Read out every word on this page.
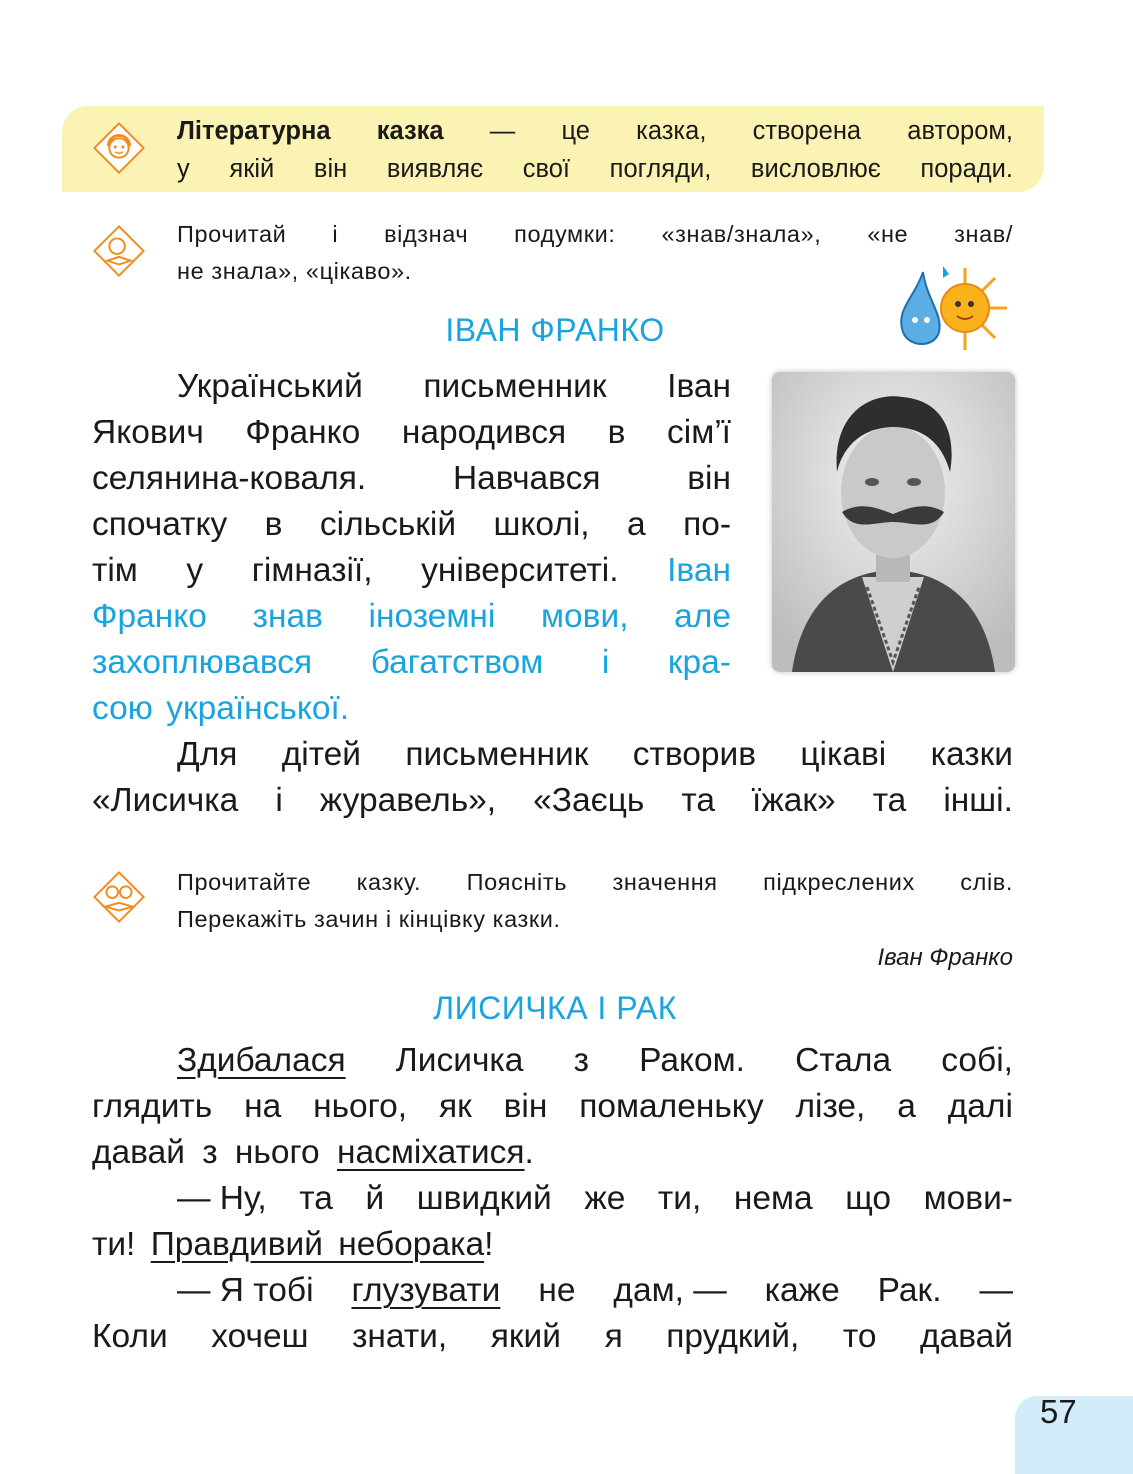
Літературна казка — це казка, створена автором,
у якій він виявляє свої погляди, висловлює поради.
Прочитай і відзнач подумки: «знав/знала», «не знав/
не знала», «цікаво».
ІВАН ФРАНКО
Український письменник Іван
Якович Франко народився в сім’ї
селянина-коваля.	Навчався	він
спочатку в сільській школі, а по-
тім у гімназії, університеті. Іван
Франко знав іноземні мови, але
захоплювався багатством і кра-
сою української.
Для дітей письменник створив цікаві казки
«Лисичка і журавель», «Заєць та їжак» та інші.
Прочитайте казку. Поясніть значення підкреслених слів.
Перекажіть зачин і кінцівку казки.
Іван Франко
ЛИСИЧКА І РАК
Здибалася Лисичка з Раком. Стала собі,
глядить на нього, як він помаленьку лізе, а далі
давай з нього насміхатися.
— Ну, та й швидкий же ти, нема що мови-
ти! Правдивий неборака!
— Я тобі глузувати не дам, — каже Рак. —
Коли хочеш знати, який я прудкий, то давай
57
